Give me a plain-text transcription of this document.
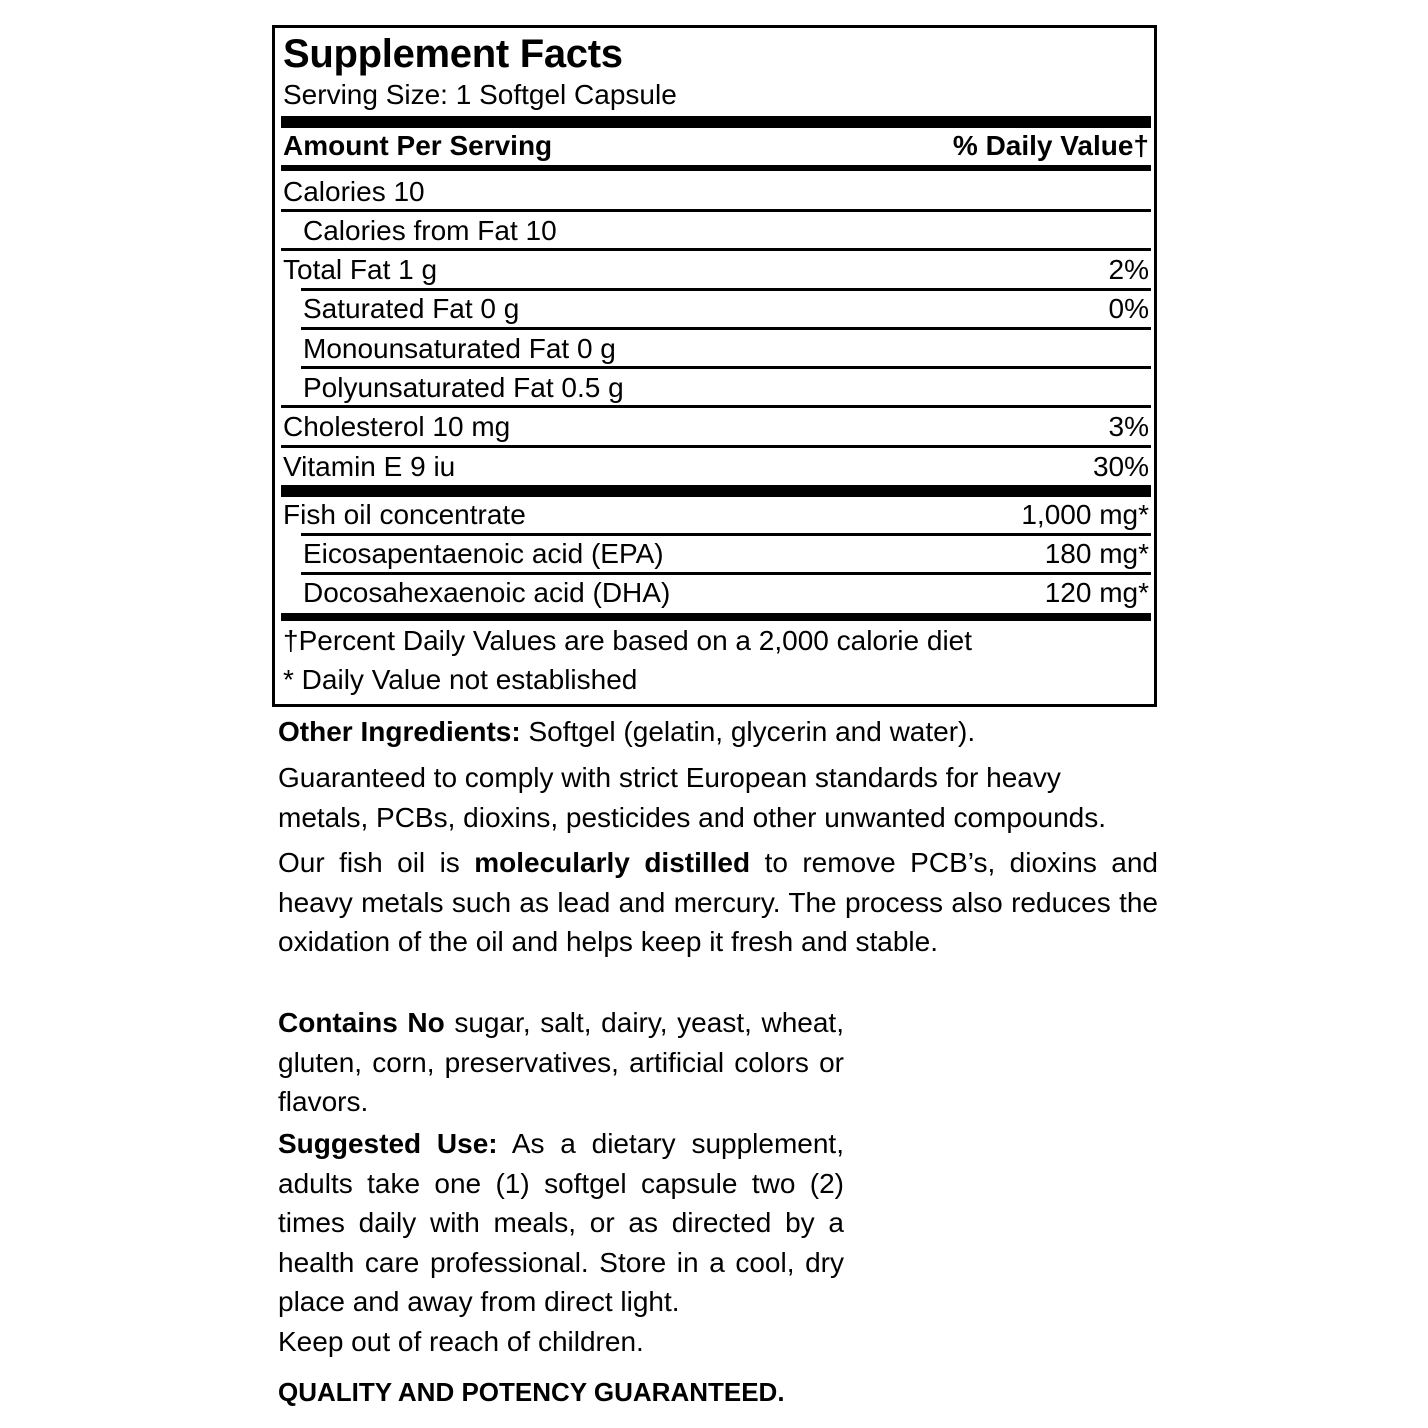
Supplement Facts
Serving Size: 1 Softgel Capsule
Amount Per Serving	% Daily Value†
Calories 10
Calories from Fat 10
Total Fat 1 g	2%
Saturated Fat 0 g	0%
Monounsaturated Fat 0 g
Polyunsaturated Fat 0.5 g
Cholesterol 10 mg	3%
Vitamin E 9 iu	30%
Fish oil concentrate	1,000 mg*
Eicosapentaenoic acid (EPA)	180 mg*
Docosahexaenoic acid (DHA)	120 mg*
†Percent Daily Values are based on a 2,000 calorie diet
* Daily Value not established
Other Ingredients: Softgel (gelatin, glycerin and water).
Guaranteed to comply with strict European standards for heavy metals, PCBs, dioxins, pesticides and other unwanted compounds.
Our fish oil is molecularly distilled to remove PCB’s, dioxins and heavy metals such as lead and mercury. The process also reduces the oxidation of the oil and helps keep it fresh and stable.
Contains No sugar, salt, dairy, yeast, wheat, gluten, corn, preservatives, artificial colors or flavors.
Suggested Use: As a dietary supplement, adults take one (1) softgel capsule two (2) times daily with meals, or as directed by a health care professional. Store in a cool, dry place and away from direct light.
Keep out of reach of children.
QUALITY AND POTENCY GUARANTEED.
